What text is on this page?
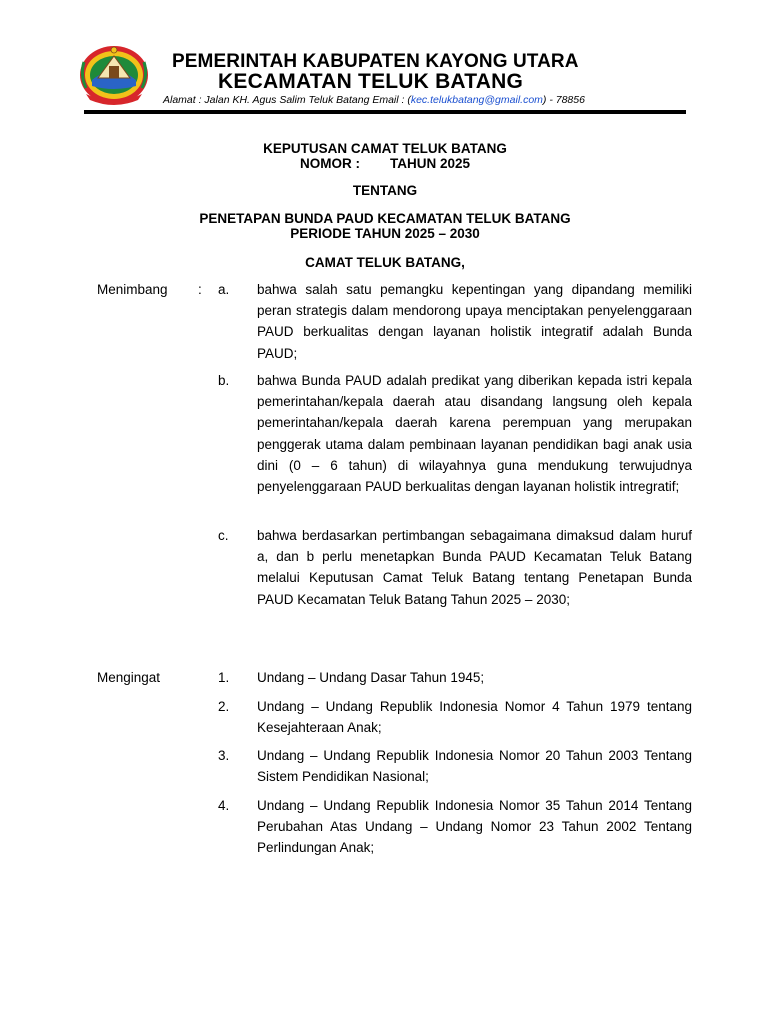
PEMERINTAH KABUPATEN KAYONG UTARA
KECAMATAN TELUK BATANG
Alamat : Jalan KH. Agus Salim Teluk Batang Email : (kec.telukbatang@gmail.com) - 78856
KEPUTUSAN CAMAT TELUK BATANG
NOMOR :        TAHUN 2025
TENTANG
PENETAPAN BUNDA PAUD KECAMATAN TELUK BATANG
PERIODE TAHUN 2025 – 2030
CAMAT TELUK BATANG,
Menimbang : a. bahwa salah satu pemangku kepentingan yang dipandang memiliki peran strategis dalam mendorong upaya menciptakan penyelenggaraan PAUD berkualitas dengan layanan holistik integratif adalah Bunda PAUD;
b. bahwa Bunda PAUD adalah predikat yang diberikan kepada istri kepala pemerintahan/kepala daerah atau disandang langsung oleh kepala pemerintahan/kepala daerah karena perempuan yang merupakan penggerak utama dalam pembinaan layanan pendidikan bagi anak usia dini (0 – 6 tahun) di wilayahnya guna mendukung terwujudnya penyelenggaraan PAUD berkualitas dengan layanan holistik intregratif;
c. bahwa berdasarkan pertimbangan sebagaimana dimaksud dalam huruf a, dan b perlu menetapkan Bunda PAUD Kecamatan Teluk Batang melalui Keputusan Camat Teluk Batang tentang Penetapan Bunda PAUD Kecamatan Teluk Batang Tahun 2025 – 2030;
Mengingat	1. Undang – Undang Dasar Tahun 1945;
2. Undang – Undang Republik Indonesia Nomor 4 Tahun 1979 tentang Kesejahteraan Anak;
3. Undang – Undang Republik Indonesia Nomor 20 Tahun 2003 Tentang Sistem Pendidikan Nasional;
4. Undang – Undang Republik Indonesia Nomor 35 Tahun 2014 Tentang Perubahan Atas Undang – Undang Nomor 23 Tahun 2002 Tentang Perlindungan Anak;
